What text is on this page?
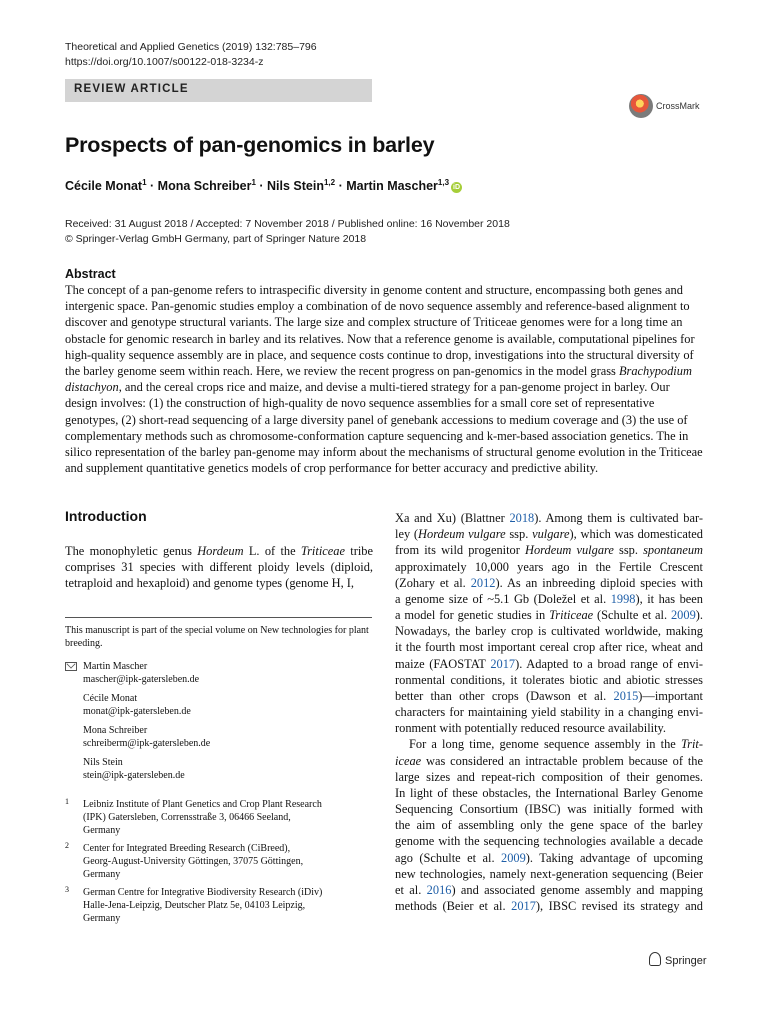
Theoretical and Applied Genetics (2019) 132:785–796
https://doi.org/10.1007/s00122-018-3234-z
REVIEW ARTICLE
CrossMark
Prospects of pan-genomics in barley
Cécile Monat$^1$ · Mona Schreiber$^1$ · Nils Stein$^{1,2}$ · Martin Mascher$^{1,3}$iD
Received: 31 August 2018 / Accepted: 7 November 2018 / Published online: 16 November 2018
© Springer-Verlag GmbH Germany, part of Springer Nature 2018
Abstract

The concept of a pan-genome refers to intraspecific diversity in genome content and structure, encompassing both genes and intergenic space. Pan-genomic studies employ a combination of de novo sequence assembly and reference-based alignment to discover and genotype structural variants. The large size and complex structure of Triticeae genomes were for a long time an obstacle for genomic research in barley and its relatives. Now that a reference genome is available, computational pipelines for high-quality sequence assembly are in place, and sequence costs continue to drop, investigations into the structural diversity of the barley genome seem within reach. Here, we review the recent progress on pan-genomics in the model grass Brachypodium distachyon, and the cereal crops rice and maize, and devise a multi-tiered strategy for a pan-genome project in barley. Our design involves: (1) the construction of high-quality de novo sequence assemblies for a small core set of representative genotypes, (2) short-read sequencing of a large diversity panel of genebank accessions to medium coverage and (3) the use of complementary methods such as chromosome-conformation capture sequencing and k-mer-based association genetics. The in silico representation of the barley pan-genome may inform about the mechanisms of structural genome evolution in the Triticeae and supplement quantitative genetics models of crop performance for better accuracy and predictive ability.

Introduction

The monophyletic genus Hordeum L. of the Triticeae tribe comprises 31 species with different ploidy levels (diploid, tetraploid and hexaploid) and genome types (genome H, I,

This manuscript is part of the special volume on New technologies for plant breeding.

Martin Mascher
mascher@ipk-gatersleben.de
Cécile Monat
monat@ipk-gatersleben.de
Mona Schreiber
schreiberm@ipk-gatersleben.de
Nils Stein
stein@ipk-gatersleben.de
1 Leibniz Institute of Plant Genetics and Crop Plant Research
(IPK) Gatersleben, Corrensstraße 3, 06466 Seeland,
Germany
2 Center for Integrated Breeding Research (CiBreed),
Georg-August-University Göttingen, 37075 Göttingen,
Germany
3 German Centre for Integrative Biodiversity Research (iDiv)
Halle-Jena-Leipzig, Deutscher Platz 5e, 04103 Leipzig,
Germany
Xa and Xu) (Blattner 2018). Among them is cultivated bar-
ley (Hordeum vulgare ssp. vulgare), which was domesticated
from its wild progenitor Hordeum vulgare ssp. spontaneum
approximately 10,000 years ago in the Fertile Crescent
(Zohary et al. 2012). As an inbreeding diploid species with
a genome size of ~5.1 Gb (Doležel et al. 1998), it has been
a model for genetic studies in Triticeae (Schulte et al. 2009).
Nowadays, the barley crop is cultivated worldwide, making
it the fourth most important cereal crop after rice, wheat and
maize (FAOSTAT 2017). Adapted to a broad range of envi-
ronmental conditions, it tolerates biotic and abiotic stresses
better than other crops (Dawson et al. 2015)—important
characters for maintaining yield stability in a changing envi-
ronment with potentially reduced resource availability.
For a long time, genome sequence assembly in the Trit-
iceae was considered an intractable problem because of the
large sizes and repeat-rich composition of their genomes.
In light of these obstacles, the International Barley Genome
Sequencing Consortium (IBSC) was initially formed with
the aim of assembling only the gene space of the barley
genome with the sequencing technologies available a decade
ago (Schulte et al. 2009). Taking advantage of upcoming
new technologies, namely next-generation sequencing (Beier
et al. 2016) and associated genome assembly and mapping
methods (Beier et al. 2017), IBSC revised its strategy and
Springer
